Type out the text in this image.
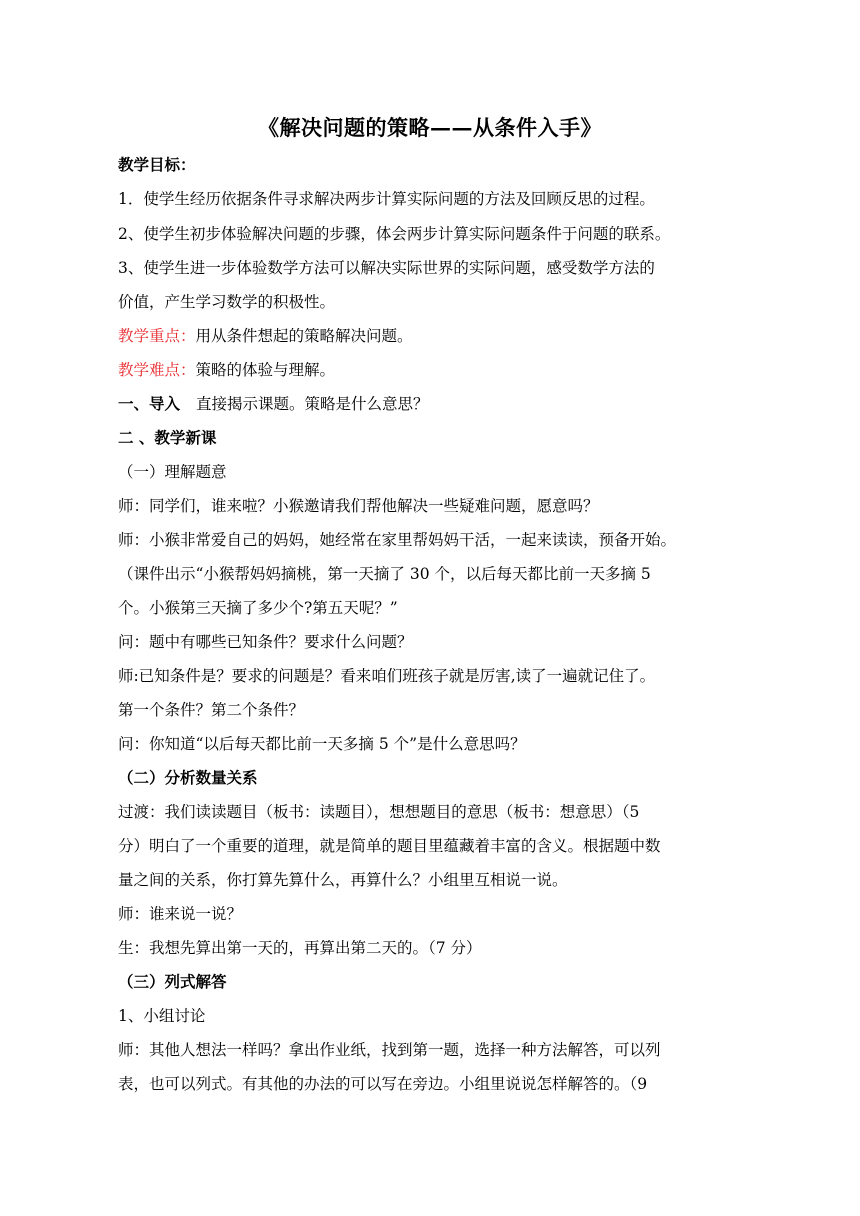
《解决问题的策略——从条件入手》
教学目标：
1．使学生经历依据条件寻求解决两步计算实际问题的方法及回顾反思的过程。
2、使学生初步体验解决问题的步骤，体会两步计算实际问题条件于问题的联系。
3、使学生进一步体验数学方法可以解决实际世界的实际问题，感受数学方法的
价值，产生学习数学的积极性。
教学重点：用从条件想起的策略解决问题。
教学难点：策略的体验与理解。
一、导入 直接揭示课题。策略是什么意思？
二 、教学新课
（一）理解题意
师：同学们，谁来啦？小猴邀请我们帮他解决一些疑难问题，愿意吗？
师：小猴非常爱自己的妈妈，她经常在家里帮妈妈干活，一起来读读，预备开始。
（课件出示“小猴帮妈妈摘桃，第一天摘了 30 个，以后每天都比前一天多摘 5
个。小猴第三天摘了多少个?第五天呢？”
问：题中有哪些已知条件？要求什么问题？
师:已知条件是？要求的问题是？看来咱们班孩子就是厉害,读了一遍就记住了。
第一个条件？第二个条件？
问：你知道“以后每天都比前一天多摘 5 个”是什么意思吗？
（二）分析数量关系
过渡：我们读读题目（板书：读题目），想想题目的意思（板书：想意思）（5
分）明白了一个重要的道理，就是简单的题目里蕴藏着丰富的含义。根据题中数
量之间的关系，你打算先算什么，再算什么？小组里互相说一说。
师：谁来说一说？
生：我想先算出第一天的，再算出第二天的。（7 分）
（三）列式解答
1、小组讨论
师：其他人想法一样吗？拿出作业纸，找到第一题，选择一种方法解答，可以列
表，也可以列式。有其他的办法的可以写在旁边。小组里说说怎样解答的。（9
